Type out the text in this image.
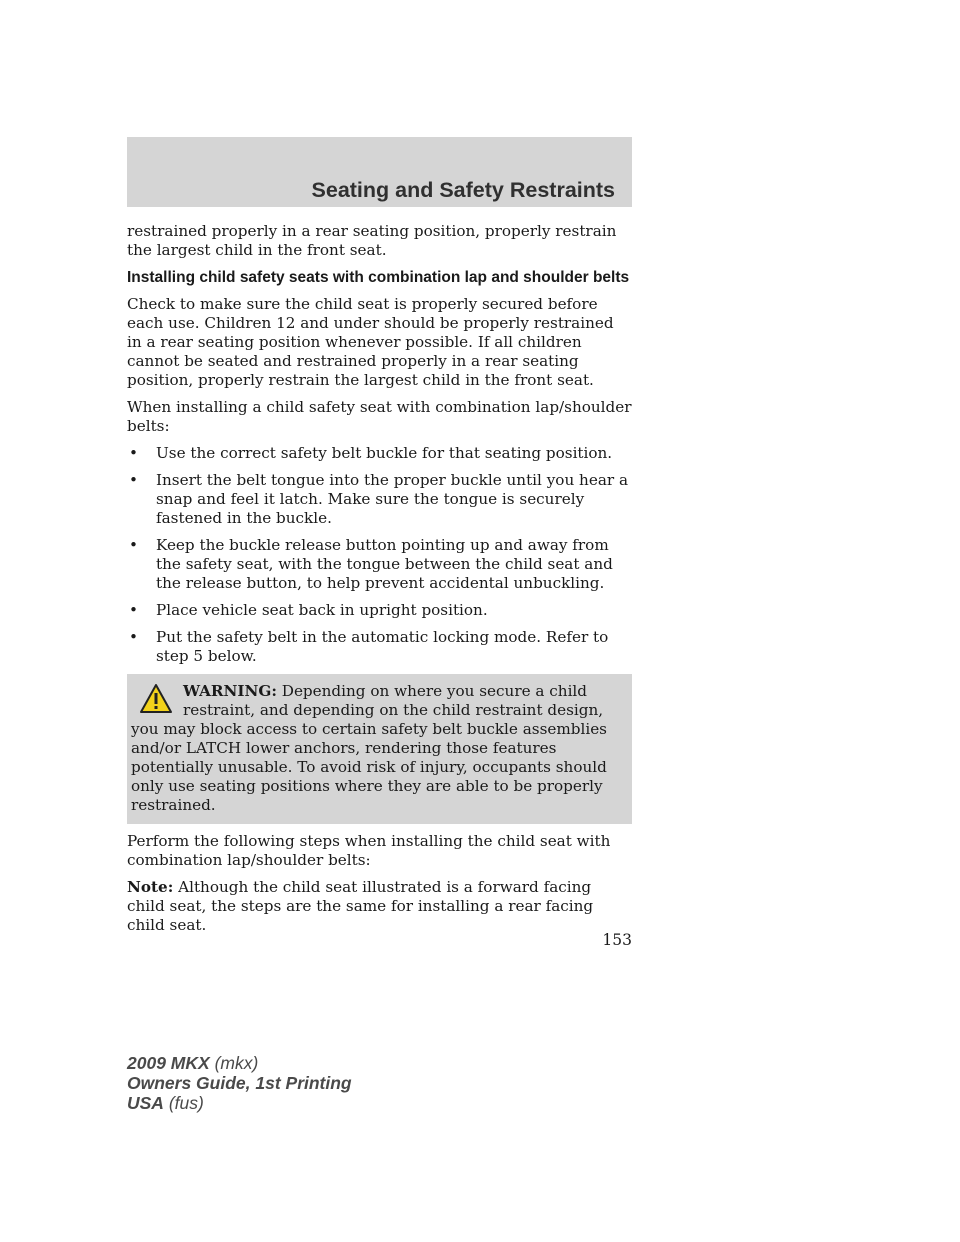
Seating and Safety Restraints

restrained properly in a rear seating position, properly restrain the largest child in the front seat.

Installing child safety seats with combination lap and shoulder belts

Check to make sure the child seat is properly secured before each use. Children 12 and under should be properly restrained in a rear seating position whenever possible. If all children cannot be seated and restrained properly in a rear seating position, properly restrain the largest child in the front seat.

When installing a child safety seat with combination lap/shoulder belts:

• Use the correct safety belt buckle for that seating position.
• Insert the belt tongue into the proper buckle until you hear a snap and feel it latch. Make sure the tongue is securely fastened in the buckle.
• Keep the buckle release button pointing up and away from the safety seat, with the tongue between the child seat and the release button, to help prevent accidental unbuckling.
• Place vehicle seat back in upright position.
• Put the safety belt in the automatic locking mode. Refer to step 5 below.
WARNING: Depending on where you secure a child restraint, and depending on the child restraint design, you may block access to certain safety belt buckle assemblies and/or LATCH lower anchors, rendering those features potentially unusable. To avoid risk of injury, occupants should only use seating positions where they are able to be properly restrained.

Perform the following steps when installing the child seat with combination lap/shoulder belts:

Note: Although the child seat illustrated is a forward facing child seat, the steps are the same for installing a rear facing child seat.

153
2009 MKX (mkx)
Owners Guide, 1st Printing
USA (fus)
